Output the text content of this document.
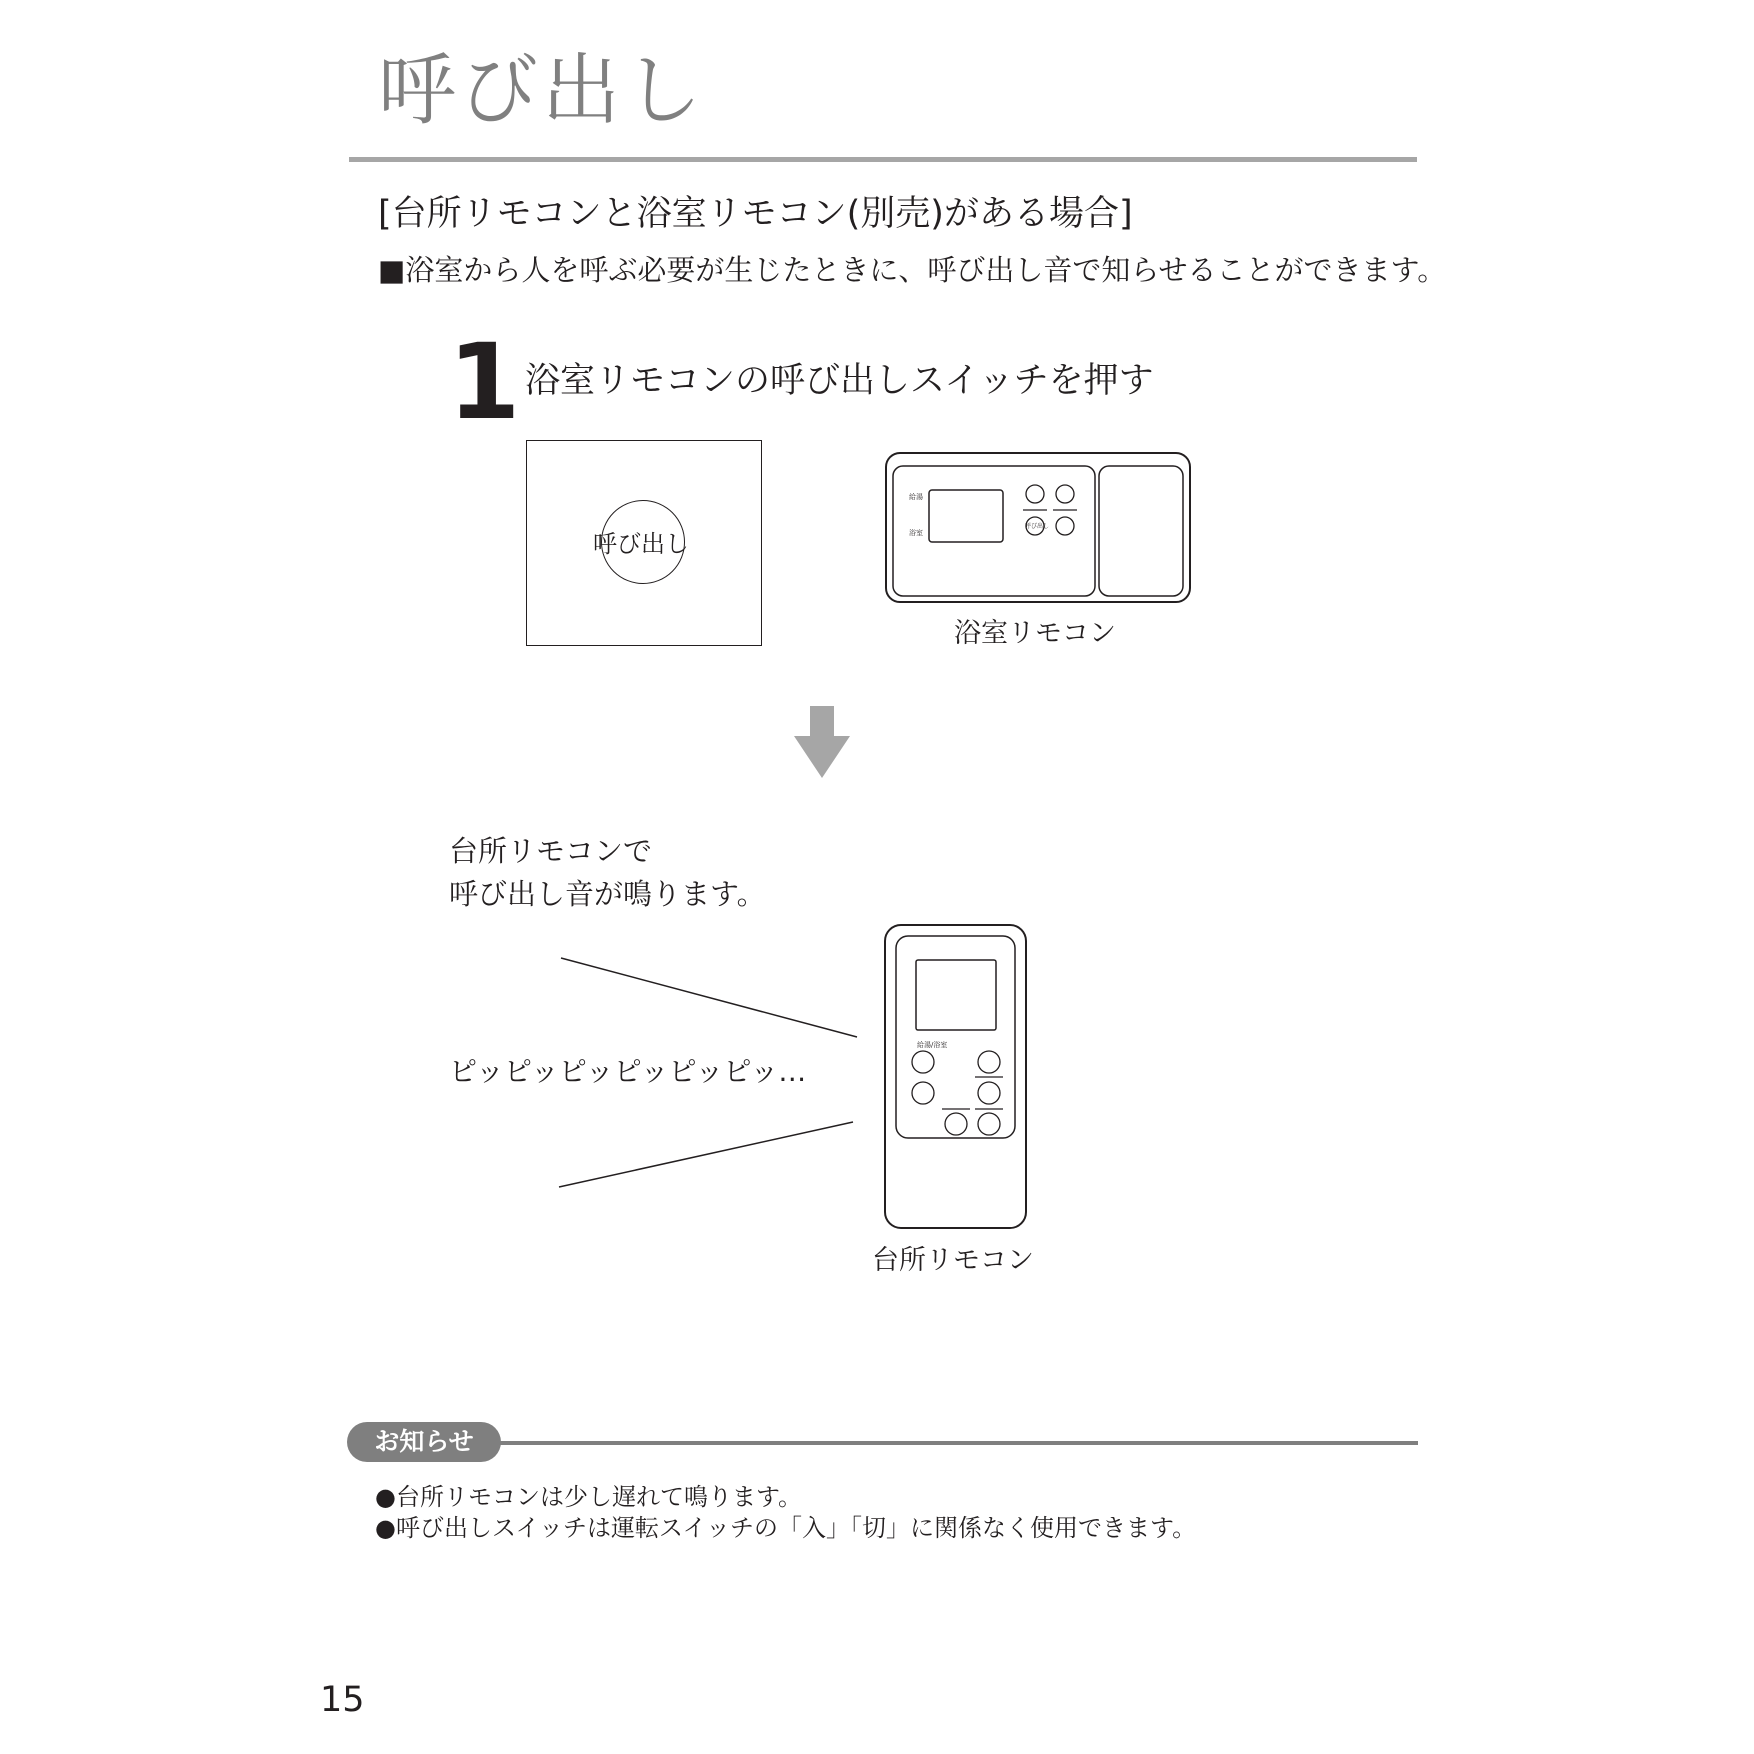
呼び出し
[台所リモコンと浴室リモコン(別売)がある場合]
■浴室から人を呼ぶ必要が生じたときに、呼び出し音で知らせることができます。
1 浴室リモコンの呼び出しスイッチを押す
呼び出し
給湯
浴室
呼び出し
浴室リモコン
台所リモコンで
呼び出し音が鳴ります。
ピッピッピッピッピッピッ…
給湯/浴室
台所リモコン
お知らせ
● 台所リモコンは少し遅れて鳴ります。
● 呼び出しスイッチは運転スイッチの「入」「切」に関係なく使用できます。
15
